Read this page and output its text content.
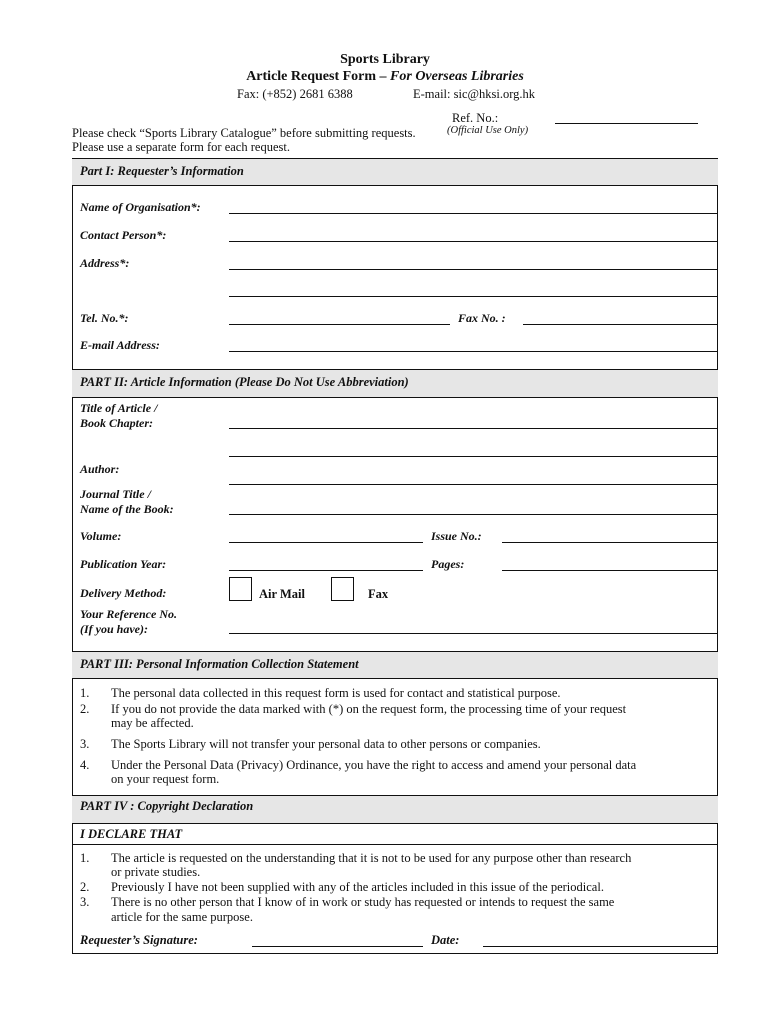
Sports Library
Article Request Form – For Overseas Libraries
Fax: (+852) 2681 6388	E-mail: sic@hksi.org.hk
Ref. No.:
(Official Use Only)
Please check “Sports Library Catalogue” before submitting requests.
Please use a separate form for each request.
Part I: Requester’s Information
Name of Organisation*:
Contact Person*:
Address*:
Tel. No.*:	Fax No. :
E-mail Address:
PART II: Article Information (Please Do Not Use Abbreviation)
Title of Article /
Book Chapter:
Author:
Journal Title /
Name of the Book:
Volume:	Issue No.:
Publication Year:	Pages:
Delivery Method:	Air Mail	Fax
Your Reference No.
(If you have):
PART III: Personal Information Collection Statement
1. The personal data collected in this request form is used for contact and statistical purpose.
2. If you do not provide the data marked with (*) on the request form, the processing time of your request
may be affected.
3. The Sports Library will not transfer your personal data to other persons or companies.
4. Under the Personal Data (Privacy) Ordinance, you have the right to access and amend your personal data
on your request form.
PART IV : Copyright Declaration
I DECLARE THAT
1. The article is requested on the understanding that it is not to be used for any purpose other than research
or private studies.
2. Previously I have not been supplied with any of the articles included in this issue of the periodical.
3. There is no other person that I know of in work or study has requested or intends to request the same
article for the same purpose.
Requester’s Signature:	Date:
